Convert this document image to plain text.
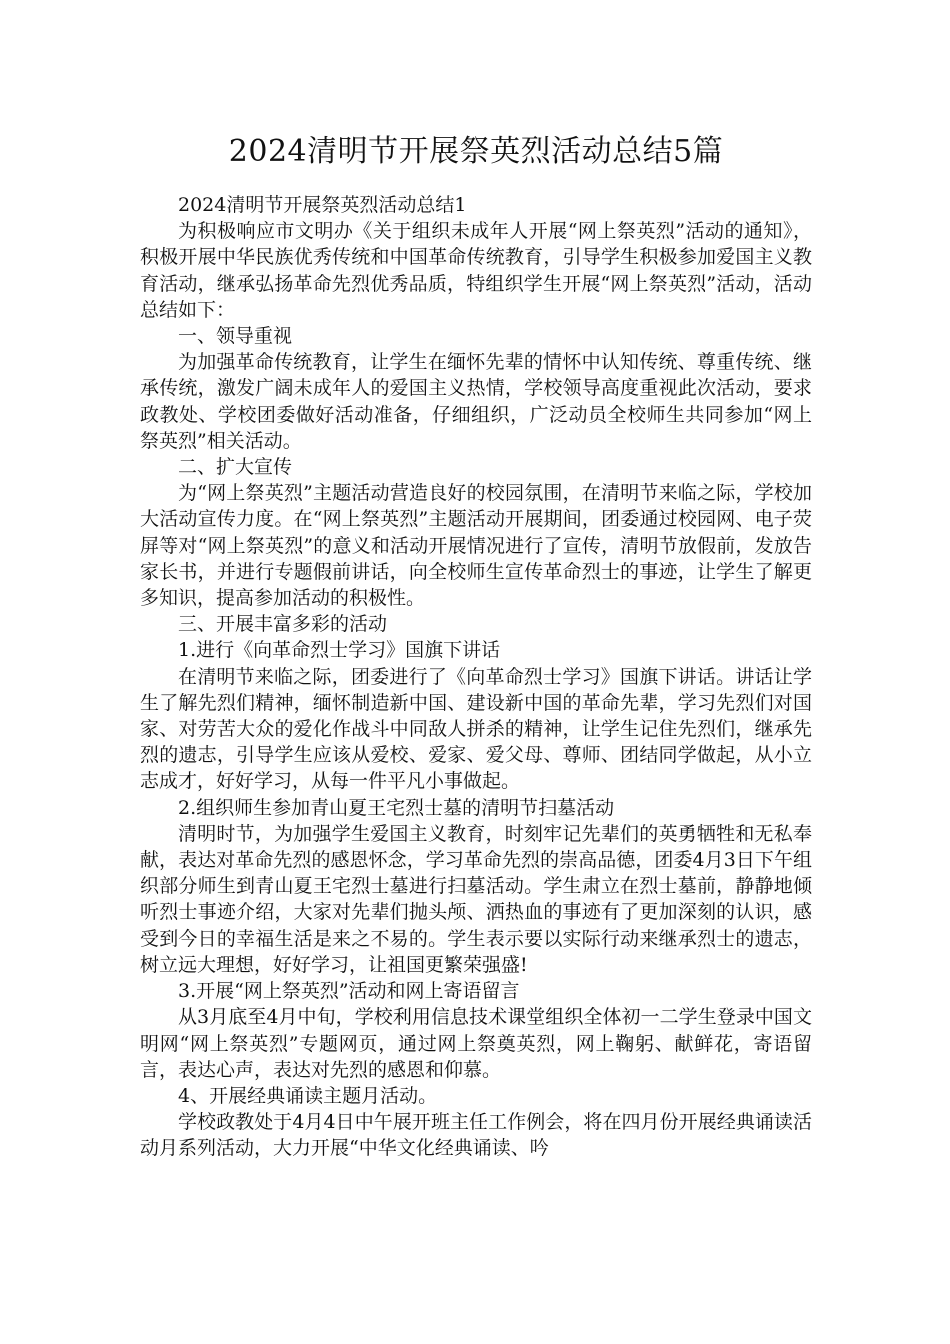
2024清明节开展祭英烈活动总结5篇

2024清明节开展祭英烈活动总结1

为积极响应市文明办《关于组织未成年人开展“网上祭英烈”活动的通知》，积极开展中华民族优秀传统和中国革命传统教育，引导学生积极参加爱国主义教育活动，继承弘扬革命先烈优秀品质，特组织学生开展“网上祭英烈”活动，活动总结如下：

一、领导重视

为加强革命传统教育，让学生在缅怀先辈的情怀中认知传统、尊重传统、继承传统，激发广阔未成年人的爱国主义热情，学校领导高度重视此次活动，要求政教处、学校团委做好活动准备，仔细组织，广泛动员全校师生共同参加“网上祭英烈”相关活动。

二、扩大宣传

为“网上祭英烈”主题活动营造良好的校园氛围，在清明节来临之际，学校加大活动宣传力度。在“网上祭英烈”主题活动开展期间，团委通过校园网、电子荧屏等对“网上祭英烈”的意义和活动开展情况进行了宣传，清明节放假前，发放告家长书，并进行专题假前讲话，向全校师生宣传革命烈士的事迹，让学生了解更多知识，提高参加活动的积极性。

三、开展丰富多彩的活动

1.进行《向革命烈士学习》国旗下讲话

在清明节来临之际，团委进行了《向革命烈士学习》国旗下讲话。讲话让学生了解先烈们精神，缅怀制造新中国、建设新中国的革命先辈，学习先烈们对国家、对劳苦大众的爱化作战斗中同敌人拼杀的精神，让学生记住先烈们，继承先烈的遗志，引导学生应该从爱校、爱家、爱父母、尊师、团结同学做起，从小立志成才，好好学习，从每一件平凡小事做起。

2.组织师生参加青山夏王宅烈士墓的清明节扫墓活动

清明时节，为加强学生爱国主义教育，时刻牢记先辈们的英勇牺牲和无私奉献，表达对革命先烈的感恩怀念，学习革命先烈的崇高品德，团委4月3日下午组织部分师生到青山夏王宅烈士墓进行扫墓活动。学生肃立在烈士墓前，静静地倾听烈士事迹介绍，大家对先辈们抛头颅、洒热血的事迹有了更加深刻的认识，感受到今日的幸福生活是来之不易的。学生表示要以实际行动来继承烈士的遗志，树立远大理想，好好学习，让祖国更繁荣强盛!

3.开展“网上祭英烈”活动和网上寄语留言

从3月底至4月中旬，学校利用信息技术课堂组织全体初一二学生登录中国文明网“网上祭英烈”专题网页，通过网上祭奠英烈，网上鞠躬、献鲜花，寄语留言，表达心声，表达对先烈的感恩和仰慕。

4、开展经典诵读主题月活动。

学校政教处于4月4日中午展开班主任工作例会，将在四月份开展经典诵读活动月系列活动，大力开展“中华文化经典诵读、吟
